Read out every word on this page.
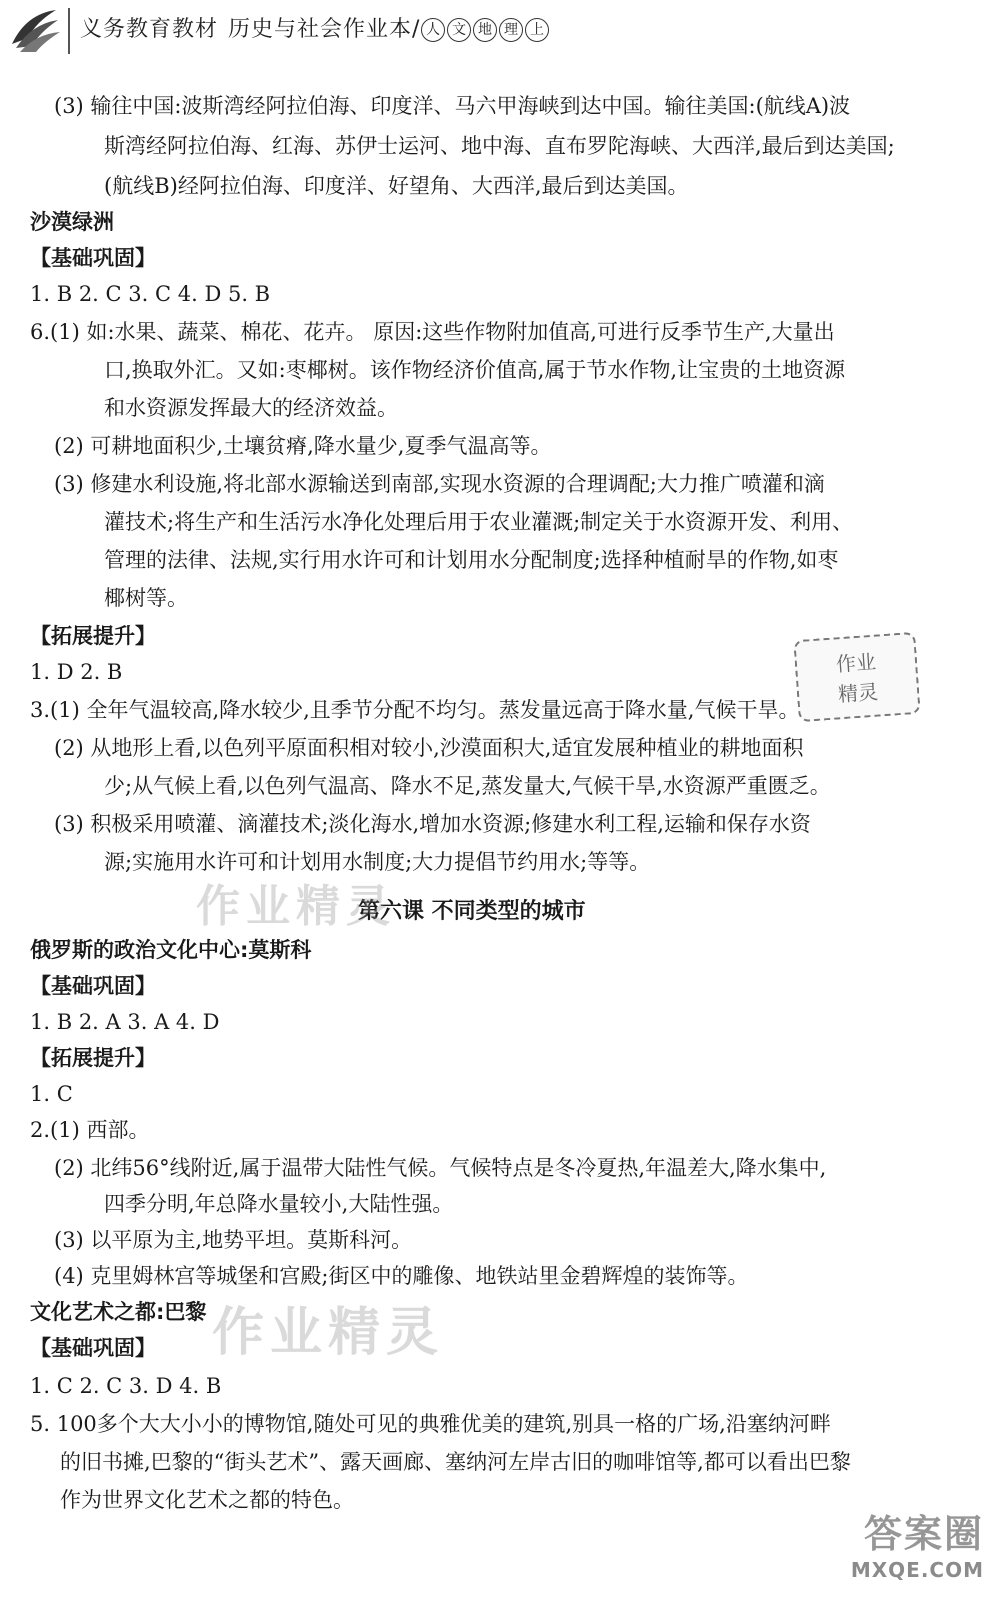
义务教育教材 历史与社会作业本/ 人 文 地 理 上
(3) 输往中国:波斯湾经阿拉伯海、印度洋、马六甲海峡到达中国。输往美国:(航线A)波
斯湾经阿拉伯海、红海、苏伊士运河、地中海、直布罗陀海峡、大西洋,最后到达美国;
(航线B)经阿拉伯海、印度洋、好望角、大西洋,最后到达美国。
沙漠绿洲
【基础巩固】
1. B 2. C 3. C 4. D 5. B
6.(1) 如:水果、蔬菜、棉花、花卉。 原因:这些作物附加值高,可进行反季节生产,大量出
口,换取外汇。又如:枣椰树。该作物经济价值高,属于节水作物,让宝贵的土地资源
和水资源发挥最大的经济效益。
(2) 可耕地面积少,土壤贫瘠,降水量少,夏季气温高等。
(3) 修建水利设施,将北部水源输送到南部,实现水资源的合理调配;大力推广喷灌和滴
灌技术;将生产和生活污水净化处理后用于农业灌溉;制定关于水资源开发、利用、
管理的法律、法规,实行用水许可和计划用水分配制度;选择种植耐旱的作物,如枣
椰树等。
【拓展提升】
1. D 2. B
3.(1) 全年气温较高,降水较少,且季节分配不均匀。蒸发量远高于降水量,气候干旱。
(2) 从地形上看,以色列平原面积相对较小,沙漠面积大,适宜发展种植业的耕地面积
少;从气候上看,以色列气温高、降水不足,蒸发量大,气候干旱,水资源严重匮乏。
(3) 积极采用喷灌、滴灌技术;淡化海水,增加水资源;修建水利工程,运输和保存水资
源;实施用水许可和计划用水制度;大力提倡节约用水;等等。
第六课 不同类型的城市
俄罗斯的政治文化中心:莫斯科
【基础巩固】
1. B 2. A 3. A 4. D
【拓展提升】
1. C
2.(1) 西部。
(2) 北纬56°线附近,属于温带大陆性气候。气候特点是冬冷夏热,年温差大,降水集中,
四季分明,年总降水量较小,大陆性强。
(3) 以平原为主,地势平坦。莫斯科河。
(4) 克里姆林宫等城堡和宫殿;街区中的雕像、地铁站里金碧辉煌的装饰等。
文化艺术之都:巴黎
【基础巩固】
1. C 2. C 3. D 4. B
5. 100多个大大小小的博物馆,随处可见的典雅优美的建筑,别具一格的广场,沿塞纳河畔
的旧书摊,巴黎的“街头艺术”、露天画廊、塞纳河左岸古旧的咖啡馆等,都可以看出巴黎
作为世界文化艺术之都的特色。
作业精灵
作业精灵
作业
精灵
答案圈
MXQE.COM
